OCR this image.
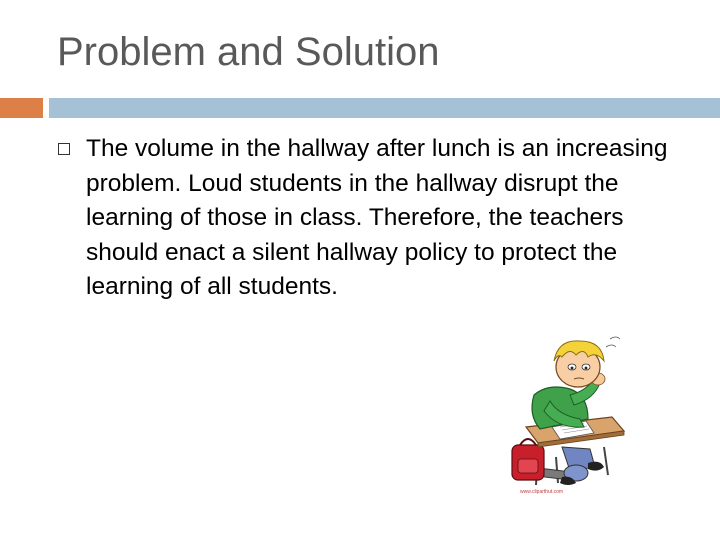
Problem and Solution
The volume in the hallway after lunch is an increasing problem. Loud students in the hallway disrupt the learning of those in class. Therefore, the teachers should enact a silent hallway policy to protect the learning of all students.
www.cliparthut.com
